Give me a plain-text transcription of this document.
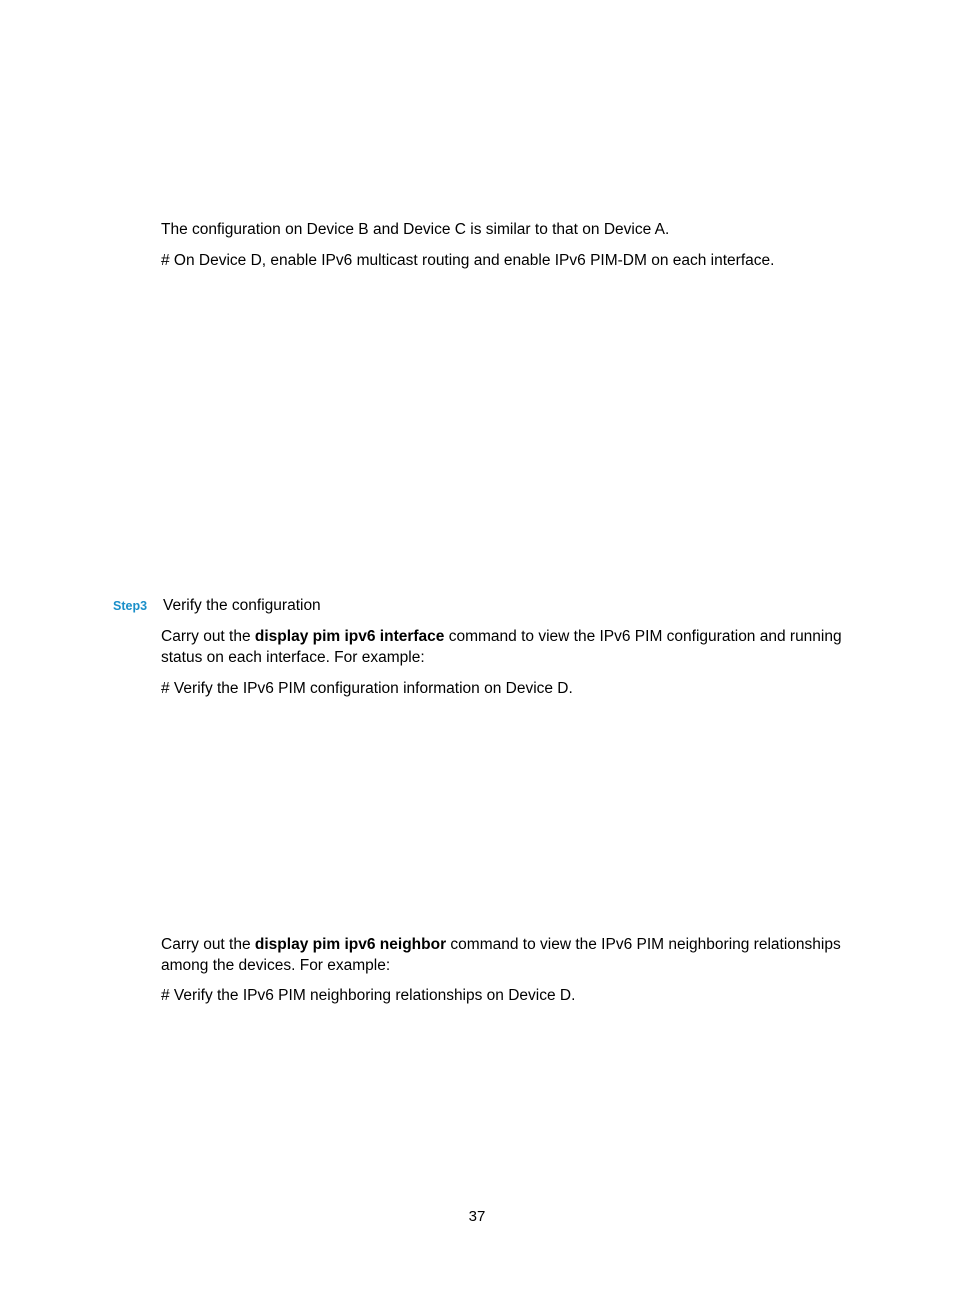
The configuration on Device B and Device C is similar to that on Device A.
# On Device D, enable IPv6 multicast routing and enable IPv6 PIM-DM on each interface.
Step3 Verify the configuration
Carry out the display pim ipv6 interface command to view the IPv6 PIM configuration and running status on each interface. For example:
# Verify the IPv6 PIM configuration information on Device D.
Carry out the display pim ipv6 neighbor command to view the IPv6 PIM neighboring relationships among the devices. For example:
# Verify the IPv6 PIM neighboring relationships on Device D.
37
